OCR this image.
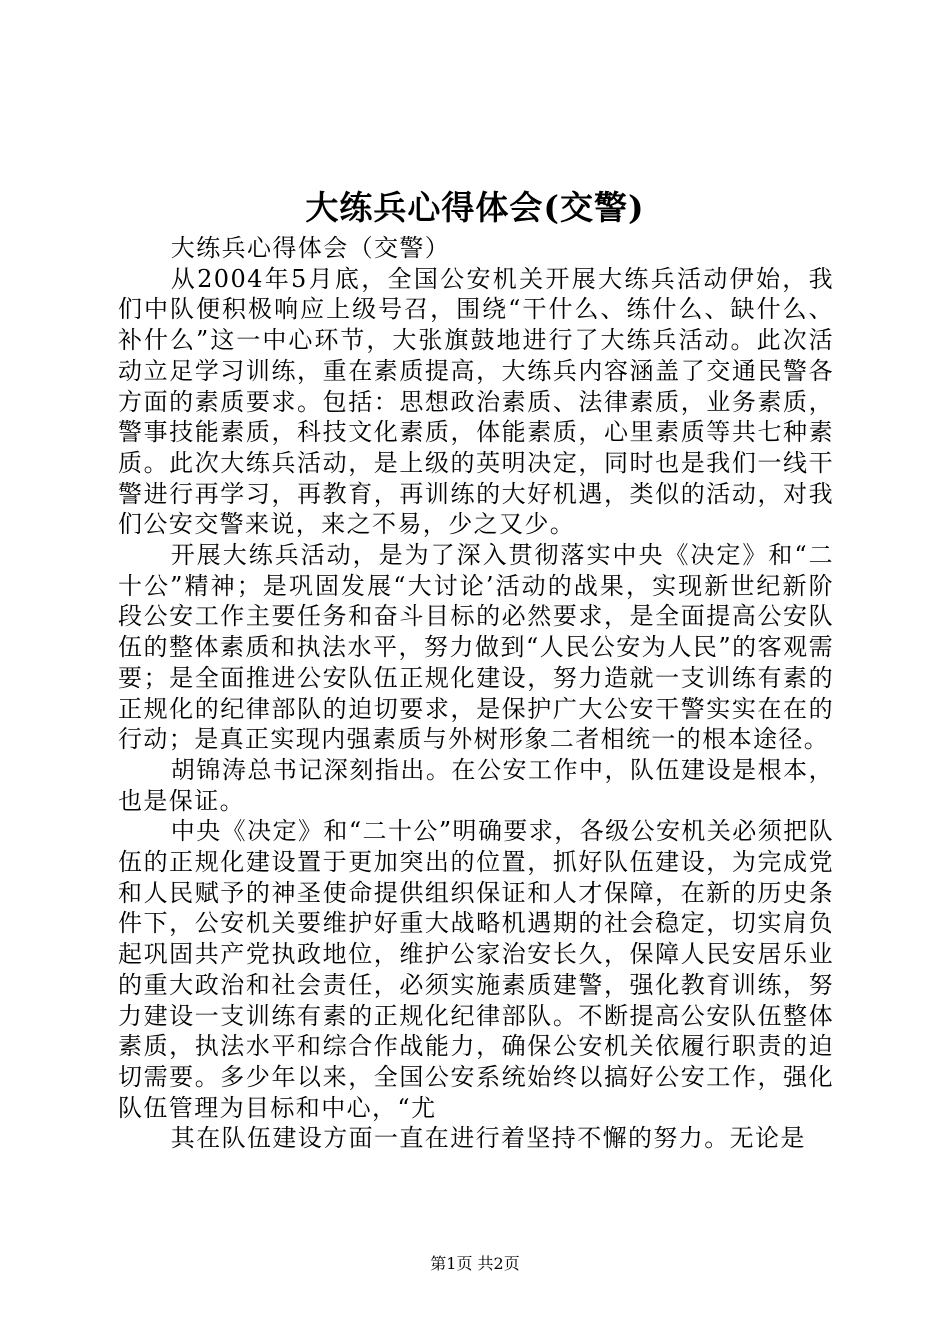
大练兵心得体会(交警)

大练兵心得体会（交警）

从2004年5月底，全国公安机关开展大练兵活动伊始，我们中队便积极响应上级号召，围绕“干什么、练什么、缺什么、补什么”这一中心环节，大张旗鼓地进行了大练兵活动。此次活动立足学习训练，重在素质提高，大练兵内容涵盖了交通民警各方面的素质要求。包括：思想政治素质、法律素质，业务素质，警事技能素质，科技文化素质，体能素质，心里素质等共七种素质。此次大练兵活动，是上级的英明决定，同时也是我们一线干警进行再学习，再教育，再训练的大好机遇，类似的活动，对我们公安交警来说，来之不易，少之又少。

开展大练兵活动，是为了深入贯彻落实中央《决定》和“二十公”精神；是巩固发展“大讨论’活动的战果，实现新世纪新阶段公安工作主要任务和奋斗目标的必然要求，是全面提高公安队伍的整体素质和执法水平，努力做到“人民公安为人民”的客观需要；是全面推进公安队伍正规化建设，努力造就一支训练有素的正规化的纪律部队的迫切要求，是保护广大公安干警实实在在的行动；是真正实现内强素质与外树形象二者相统一的根本途径。

胡锦涛总书记深刻指出。在公安工作中，队伍建设是根本，也是保证。

中央《决定》和“二十公”明确要求，各级公安机关必须把队伍的正规化建设置于更加突出的位置，抓好队伍建设，为完成党和人民赋予的神圣使命提供组织保证和人才保障，在新的历史条件下，公安机关要维护好重大战略机遇期的社会稳定，切实肩负起巩固共产党执政地位，维护公家治安长久，保障人民安居乐业的重大政治和社会责任，必须实施素质建警，强化教育训练，努力建设一支训练有素的正规化纪律部队。不断提高公安队伍整体素质，执法水平和综合作战能力，确保公安机关依履行职责的迫切需要。多少年以来，全国公安系统始终以搞好公安工作，强化队伍管理为目标和中心，“尤

其在队伍建设方面一直在进行着坚持不懈的努力。无论是

第1页 共2页
